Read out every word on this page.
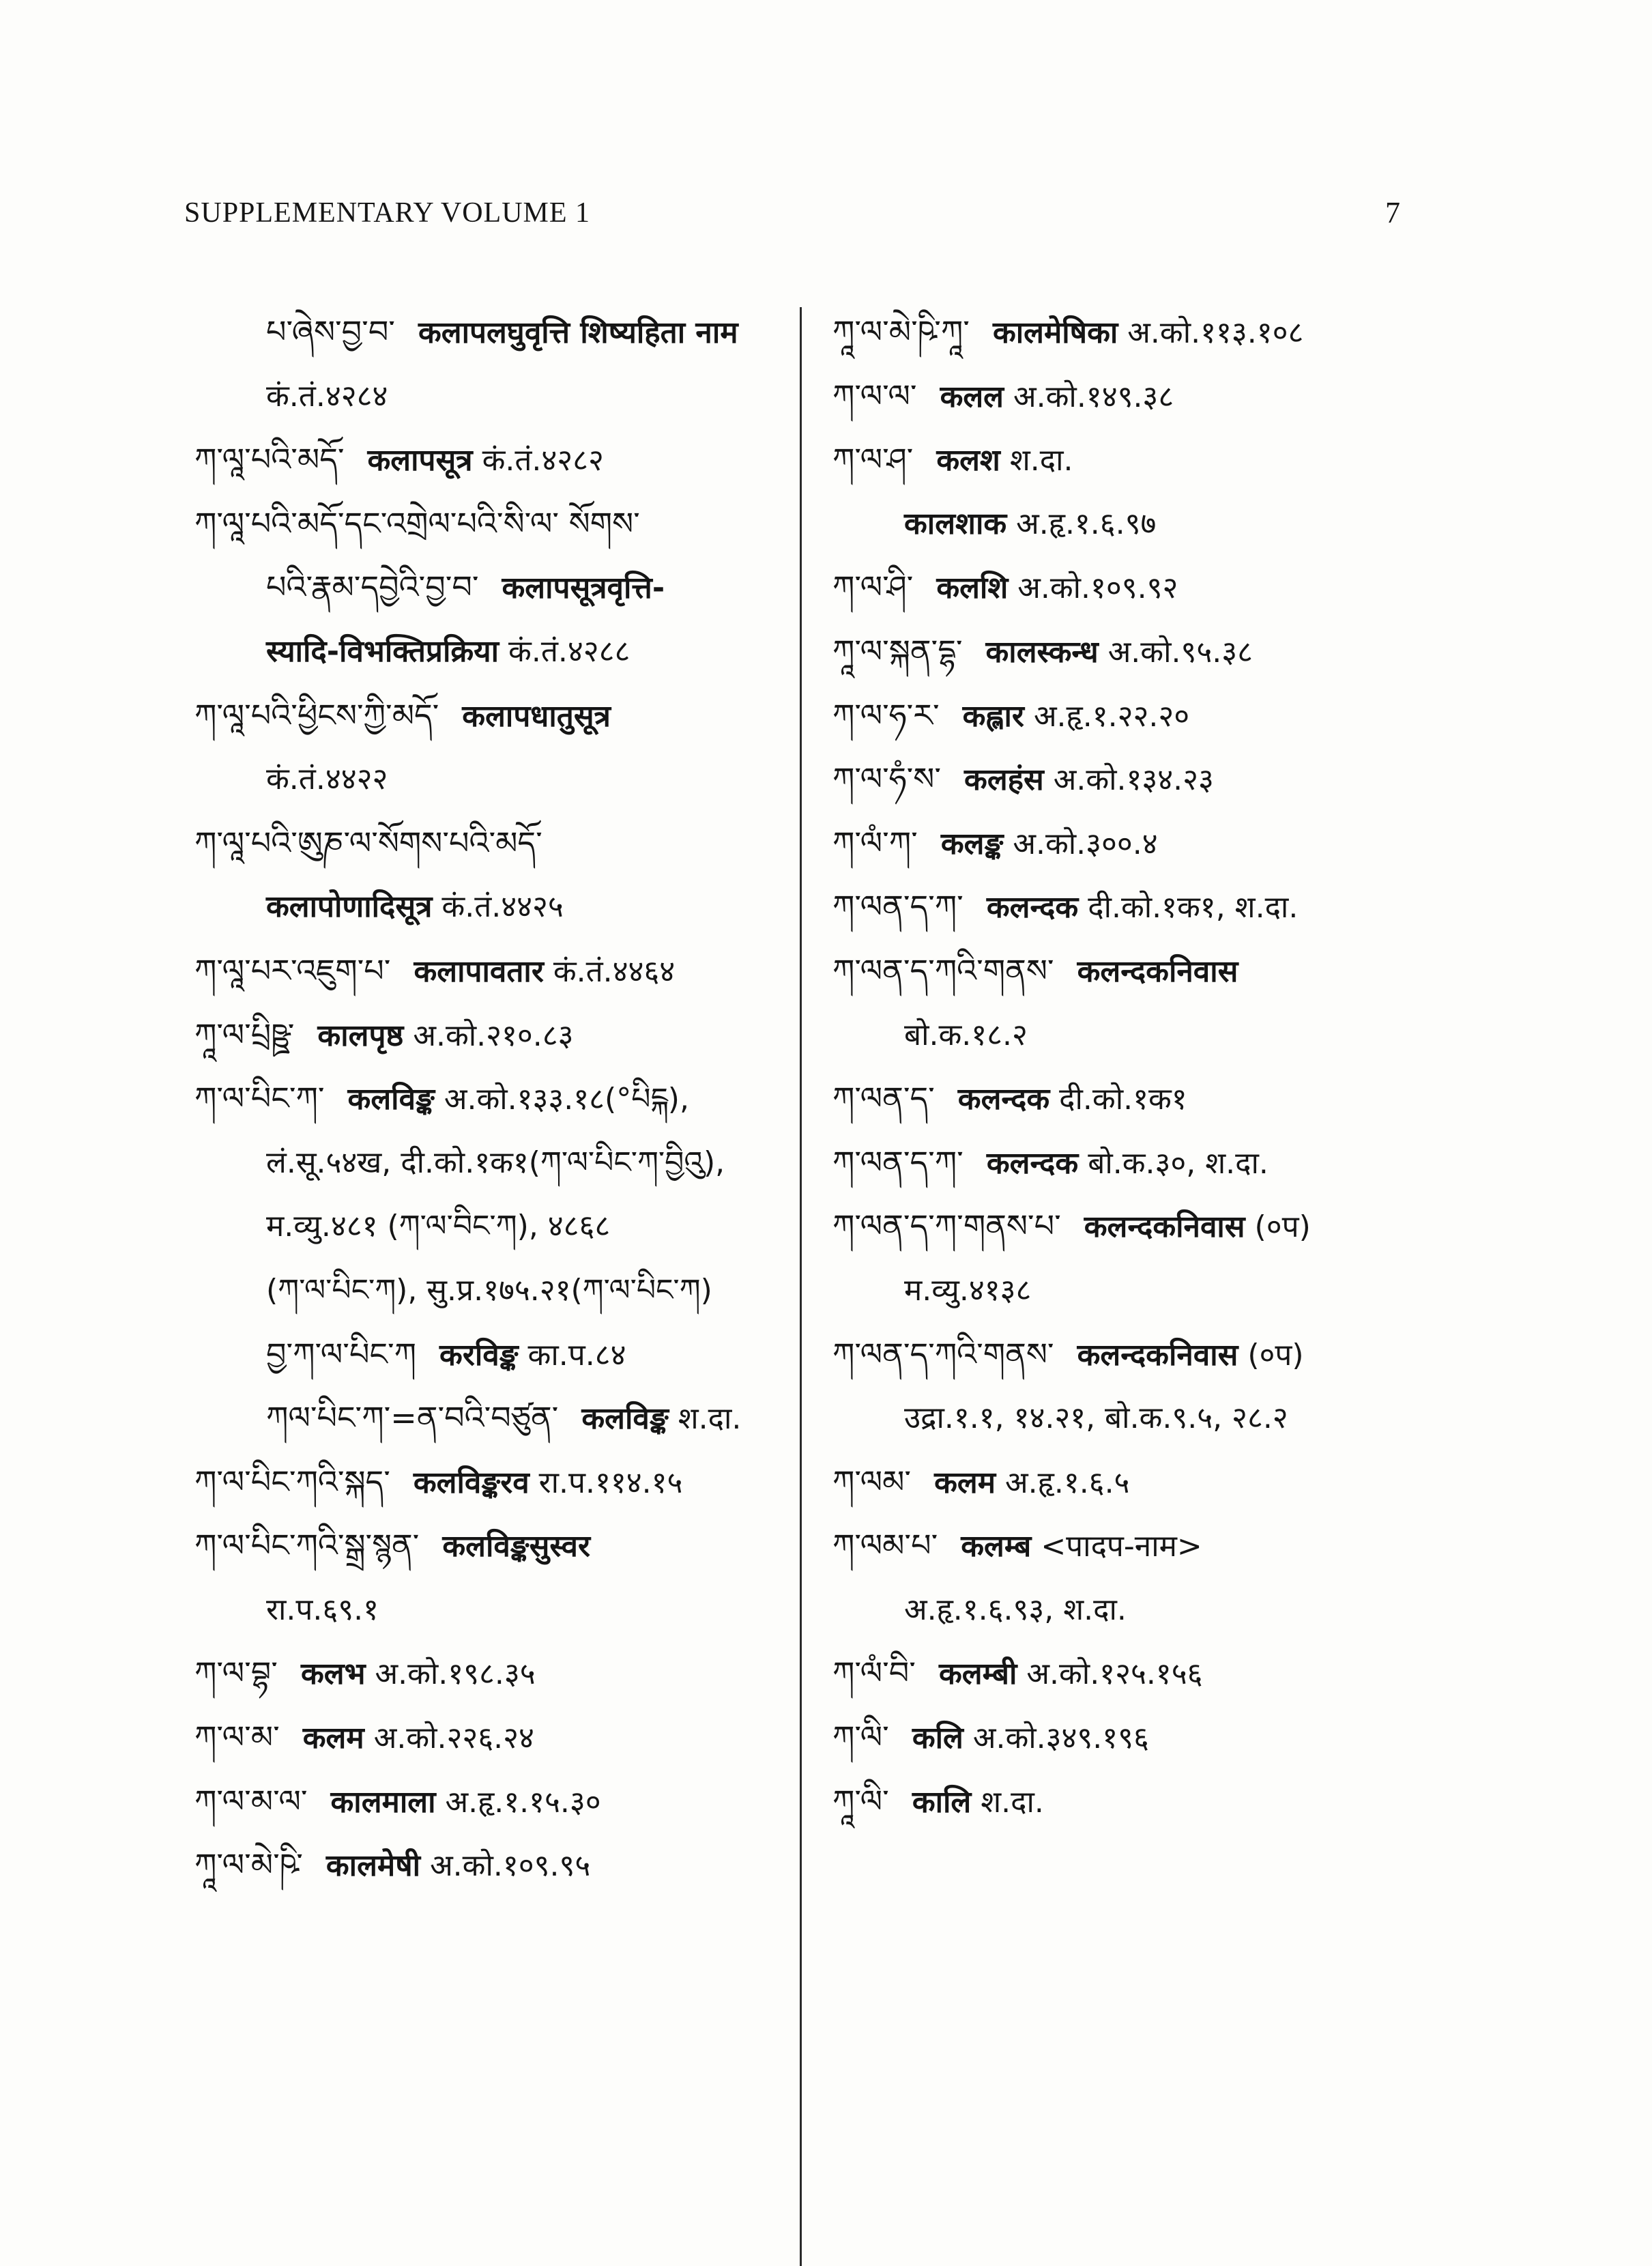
SUPPLEMENTARY VOLUME 1	7
པ་ཞེས་བྱ་བ་ कलापलघुवृत्ति शिष्यहिता नाम
कं.तं.४२८४
ཀ་ལཱ་པའི་མདོ་ कलापसूत्र कं.तं.४२८२
ཀ་ལཱ་པའི་མདོ་དང་འགྲེལ་པའི་སི་ལ་ སོགས་
པའི་རྣམ་དབྱེའི་བྱ་བ་ कलापसूत्रवृत्ति-
स्यादि-विभक्तिप्रक्रिया कं.तं.४२८८
ཀ་ལཱ་པའི་ཕྱིངས་ཀྱི་མདོ་ कलापधातुसूत्र
कं.तं.४४२२
ཀ་ལཱ་པའི་ཨུཎ་ལ་སོགས་པའི་མདོ་
कलापोणादिसूत्र कं.तं.४४२५
ཀ་ལཱ་པར་འཇུག་པ་ कलापावतार कं.तं.४४६४
ཀཱ་ལ་པྲིཥྛ་ कालपृष्ठ अ.को.२१०.८३
ཀ་ལ་པིང་ཀ་ कलविङ्क अ.को.१३३.१८(°པིངྐ),
लं.सू.५४ख, दी.को.१क१(ཀ་ལ་པིང་ཀ་བྱིའུ),
म.व्यु.४८१ (ཀ་ལ་བིང་ཀ), ४८६८
(ཀ་ལ་པིང་ཀ), सु.प्र.१७५.२१(ཀ་ལ་པིང་ཀ)
བྱ་ཀ་ལ་པིང་ཀ करविङ्क का.प.८४
ཀལ་པིང་ཀ་=ན་བའི་བཙུན་ कलविङ्क श.दा.
ཀ་ལ་པིང་ཀའི་སྐད་ कलविङ्करव रा.प.११४.१५
ཀ་ལ་པིང་ཀའི་སྒྲ་སྙན་ कलविङ्कसुस्वर
रा.प.६९.१
ཀ་ལ་བྷ་ कलभ अ.को.१९८.३५
ཀ་ལ་མ་ कलम अ.को.२२६.२४
ཀ་ལ་མ་ལ་ कालमाला अ.हृ.१.१५.३०
ཀཱ་ལ་མེ་ཥི་ कालमेषी अ.को.१०९.९५
ཀཱ་ལ་མེ་ཥི་ཀཱ་ कालमेषिका अ.को.११३.१०८
ཀ་ལ་ལ་ कलल अ.को.१४९.३८
ཀ་ལ་ཤ་ कलश श.दा.
कालशाक अ.हृ.१.६.९७
ཀ་ལ་ཤི་ कलशि अ.को.१०९.९२
ཀཱ་ལ་སྐན་དྷ་ कालस्कन्ध अ.को.९५.३८
ཀ་ལ་ཧ་ར་ कह्लार अ.हृ.१.२२.२०
ཀ་ལ་ཧཾ་ས་ कलहंस अ.को.१३४.२३
ཀ་ལཾ་ཀ་ कलङ्क अ.को.३००.४
ཀ་ལན་ད་ཀ་ कलन्दक दी.को.१क१, श.दा.
ཀ་ལན་ད་ཀའི་གནས་ कलन्दकनिवास
बो.क.१८.२
ཀ་ལན་ད་ कलन्दक दी.को.१क१
ཀ་ལན་ད་ཀ་ कलन्दक बो.क.३०, श.दा.
ཀ་ལན་ད་ཀ་གནས་པ་ कलन्दकनिवास (०प)
म.व्यु.४१३८
ཀ་ལན་ད་ཀའི་གནས་ कलन्दकनिवास (०प)
उद्रा.१.१, १४.२१, बो.क.९.५, २८.२
ཀ་ལམ་ कलम अ.हृ.१.६.५
ཀ་ལམ་པ་ कलम्ब <पादप-नाम>
अ.हृ.१.६.९३, श.दा.
ཀ་ལཾ་བི་ कलम्बी अ.को.१२५.१५६
ཀ་ལི་ कलि अ.को.३४९.१९६
ཀཱ་ལི་ कालि श.दा.
